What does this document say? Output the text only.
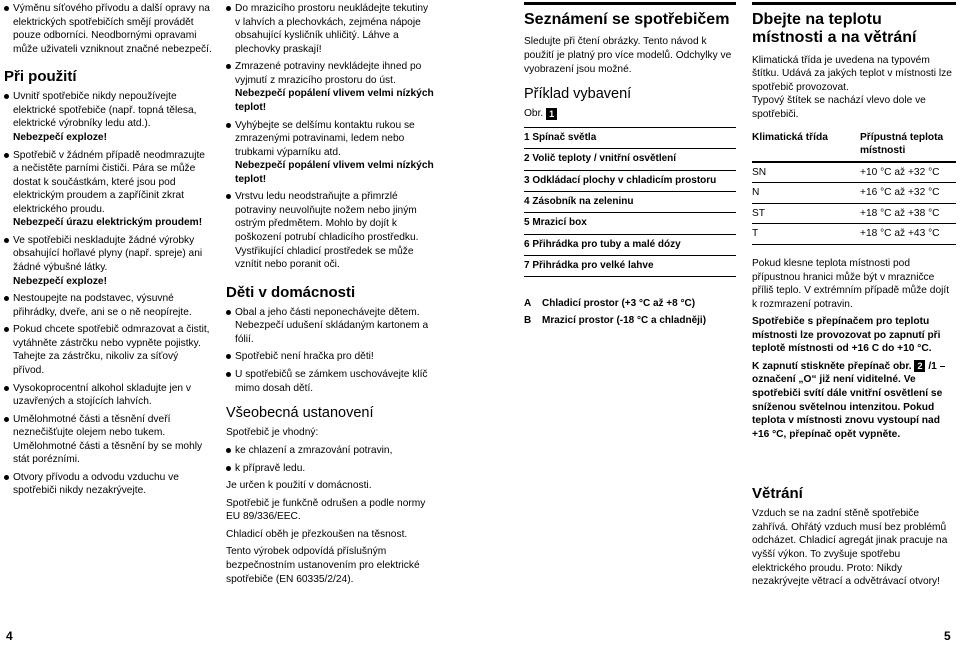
Výměnu síťového přívodu a další opravy na elektrických spotřebičích smějí provádět pouze odborníci. Neodbornými opravami může uživateli vzniknout značné nebezpečí.

Při použití

Uvnitř spotřebiče nikdy nepoužívejte elektrické spotřebiče (např. topná tělesa, elektrické výrobníky ledu atd.).

Nebezpečí exploze!

Spotřebič v žádném případě neodmrazujte a nečistěte parními čističi. Pára se může dostat k součástkám, které jsou pod elektrickým proudem a zapříčinit zkrat elektrického proudu.

Nebezpečí úrazu elektrickým proudem!

Ve spotřebiči neskladujte žádné výrobky obsahující hořlavé plyny (např. spreje) ani žádné výbušné látky.

Nebezpečí exploze!

Nestoupejte na podstavec, výsuvné přihrádky, dveře, ani se o ně neopírejte.

Pokud chcete spotřebič odmrazovat a čistit, vytáhněte zástrčku nebo vypněte pojistky. Tahejte za zástrčku, nikoliv za síťový přívod.

Vysokoprocentní alkohol skladujte jen v uzavřených a stojících lahvích.

Umělohmotné části a těsnění dveří neznečišťujte olejem nebo tukem. Umělohmotné části a těsnění by se mohly stát porézními.

Otvory přívodu a odvodu vzduchu ve spotřebiči nikdy nezakrývejte.

Do mrazicího prostoru neukládejte tekutiny v lahvích a plechovkách, zejména nápoje obsahující kysličník uhličitý. Láhve a plechovky praskají!

Zmrazené potraviny nevkládejte ihned po vyjmutí z mrazicího prostoru do úst.

Nebezpečí popálení vlivem velmi nízkých teplot!

Vyhýbejte se delšímu kontaktu rukou se zmrazenými potravinami, ledem nebo trubkami výparníku atd.

Nebezpečí popálení vlivem velmi nízkých teplot!

Vrstvu ledu neodstraňujte a přimrzlé potraviny neuvolňujte nožem nebo jiným ostrým předmětem. Mohlo by dojít k poškození potrubí chladicího prostředku. Vystřikující chladicí prostředek se může vznítit nebo poranit oči.

Děti v domácnosti

Obal a jeho části neponechávejte dětem. Nebezpečí udušení skládaným kartonem a fólií.

Spotřebič není hračka pro děti!

U spotřebičů se zámkem uschovávejte klíč mimo dosah dětí.

Všeobecná ustanovení

Spotřebič je vhodný:

ke chlazení a zmrazování potravin,

k přípravě ledu.

Je určen k použití v domácnosti.

Spotřebič je funkčně odrušen a podle normy EU 89/336/EEC.

Chladicí oběh je přezkoušen na těsnost.

Tento výrobek odpovídá příslušným bezpečnostním ustanovením pro elektrické spotřebiče (EN 60335/2/24).

Seznámení se spotřebičem

Sledujte při čtení obrázky. Tento návod k použití je platný pro více modelů. Odchylky ve vyobrazení jsou možné.

Příklad vybavení

Obr. 1

1 Spínač světla
2 Volič teploty / vnitřní osvětlení
3 Odkládací plochy v chladicím prostoru
4 Zásobník na zeleninu
5 Mrazicí box
6 Přihrádka pro tuby a malé dózy
7 Přihrádka pro velké lahve
A	Chladicí prostor (+3 °C až +8 °C)
B	Mrazicí prostor (-18 °C a chladněji)

Dbejte na teplotu místnosti a na větrání

Klimatická třída je uvedena na typovém štítku. Udává za jakých teplot v místnosti lze spotřebič provozovat.

Typový štítek se nachází vlevo dole ve spotřebiči.

Klimatická třída	Přípustná teplota místnosti
SN	+10 °C až +32 °C
N	+16 °C až +32 °C
ST	+18 °C až +38 °C
T	+18 °C až +43 °C

Pokud klesne teplota místnosti pod přípustnou hranici může být v mrazničce příliš teplo. V extrémním případě může dojít k rozmrazení potravin.

Spotřebiče s přepínačem pro teplotu místnosti lze provozovat po zapnutí při teplotě místnosti od +16 C do +10 °C.

K zapnutí stiskněte přepínač obr. 2 /1 – označení „O“ již není viditelné. Ve spotřebiči svítí dále vnitřní osvětlení se sníženou světelnou intenzitou. Pokud teplota v místnosti znovu vystoupí nad +16 °C, přepínač opět vypněte.

Větrání

Vzduch se na zadní stěně spotřebiče zahřívá. Ohřátý vzduch musí bez problémů odcházet. Chladicí agregát jinak pracuje na vyšší výkon. To zvyšuje spotřebu elektrického proudu. Proto: Nikdy nezakrývejte větrací a odvětrávací otvory!

4	5
